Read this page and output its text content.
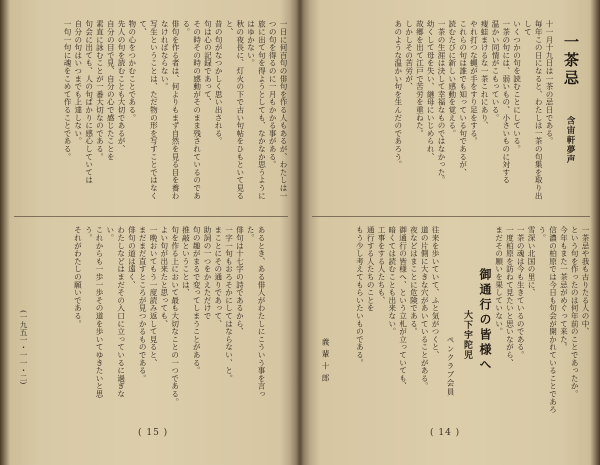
一日に何百句の俳句を作る人もあるが、わたしは一つの句を得るのに一月もかかる事がある。
旅に出て句を得ようとしても、なかなか思うようにはゆかない。
秋の夜長に、灯火の下で古い句帖をひもといて見ると、
昔の句がなつかしく思い出される。
句は心の記録であって、
その時その時の感動がそのまま残されているのである。
俳句を作る者は、何よりもまず自然を見る目を養わなければならない。
写生ということは、ただ物の形を写すことではなくて、
物の心をつかむことである。
先人の句を読むことも大切であるが、
自分の目で見、自分の心で感じたことを
素直に詠むことが一番大切なのである。
句会に出ても、人の句ばかりに感心していては
自分の句はいつまでも上達しない。
一句一句に魂をこめて作ることである。
あるとき、ある俳人がわたしにこういう事を言った。
俳句は十七字の詩であるから、
一字一句もおろそかにしてはならない、と。
まことにその通りであって、
助詞の一つをかえただけで
句の趣がまるで変ってしまうことがある。
推敲ということは、
句を作る上において最も大切なことの一つである。
よい句が出来たと思っても、
一晩おいてもう一度読み返して見ると、
まだまだ直すところが見つかるものである。
俳句の道は遠く、
わたしなどはまだその入口に立っているに過ぎない。
これからも一歩一歩その道を歩いてゆきたいと思う。
それがわたしの願いである。
(一九五一・一一・二)
( 15 )
一茶忌
含宙軒夢声
十一月十九日は一茶の忌日である。
毎年この日になると、わたしは一茶の句集を取り出して
いくつかの句を読むことにしている。
一茶の句には、弱いもの、小さいものに対する
温かい同情がこもっている。
痩蛙まけるな一茶これにあり、
やれ打つな蝿が手をすり足をする。
これらの句は誰でも知っている句であるが、
読むたびに新しい感動を覚える。
一茶の生涯は決して幸福なものではなかった。
幼くして母を失い、継母にいじめられ、
故郷を出て江戸で苦労を重ねた。
しかしその苦労が、
あのような温かい句を生んだのであろう。
一茶忌や我も古りたる人の中、
という句を作ったのは何年前のことであったか。
今年もまた一茶忌がめぐって来た。
信濃の柏原では今日も句会が開かれていることであろう。
雪深い北国の里に、
一茶の魂は今も生きているのである。
一度柏原を訪ねて見たいと思いながら、
まだその願いを果していない。
御通行の皆様へ
大下宇陀児
ペンクラブ会員
往来を歩いていて、ふと気がつくと、
道の片側に大きな穴があいていることがある。
夜などはまことに危険である。
御通行の皆様へ、という立札が立っていても、
暗くては読むことも出来ない。
工事をする人たちも、
通行する人たちのことを
もう少し考えてもらいたいものである。
義 輩 十 郎
( 14 )
